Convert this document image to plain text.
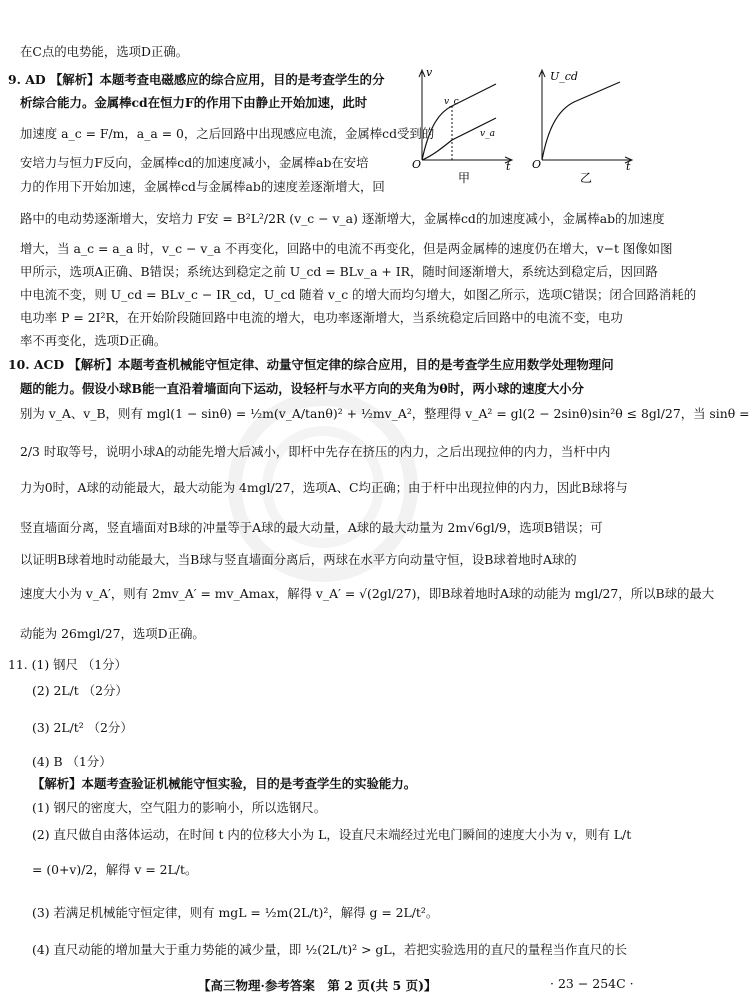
在C点的电势能，选项D正确。
9. AD 【解析】本题考查电磁感应的综合应用，目的是考查学生的分
析综合能力。金属棒cd在恒力F的作用下由静止开始加速，此时
加速度 a_c = F/m，a_a = 0，之后回路中出现感应电流，金属棒cd受到的
安培力与恒力F反向，金属棒cd的加速度减小，金属棒ab在安培
力的作用下开始加速，金属棒cd与金属棒ab的速度差逐渐增大，回
路中的电动势逐渐增大，安培力 F安 = B²L²/2R (v_c − v_a) 逐渐增大，金属棒cd的加速度减小，金属棒ab的加速度
增大，当 a_c = a_a 时，v_c − v_a 不再变化，回路中的电流不再变化，但是两金属棒的速度仍在增大，v−t 图像如图
甲所示，选项A正确、B错误；系统达到稳定之前 U_cd = BLv_a + IR，随时间逐渐增大，系统达到稳定后，因回路
中电流不变，则 U_cd = BLv_c − IR_cd，U_cd 随着 v_c 的增大而均匀增大，如图乙所示，选项C错误；闭合回路消耗的
电功率 P = 2I²R，在开始阶段随回路中电流的增大，电功率逐渐增大，当系统稳定后回路中的电流不变，电功
率不再变化，选项D正确。
10. ACD 【解析】本题考查机械能守恒定律、动量守恒定律的综合应用，目的是考查学生应用数学处理物理问
题的能力。假设小球B能一直沿着墙面向下运动，设轻杆与水平方向的夹角为θ时，两小球的速度大小分
别为 v_A、v_B，则有 mgl(1 − sinθ) = ½m(v_A/tanθ)² + ½mv_A²，整理得 v_A² = gl(2 − 2sinθ)sin²θ ≤ 8gl/27，当 sinθ =
2/3 时取等号，说明小球A的动能先增大后减小，即杆中先存在挤压的内力，之后出现拉伸的内力，当杆中内
力为0时，A球的动能最大，最大动能为 4mgl/27，选项A、C均正确；由于杆中出现拉伸的内力，因此B球将与
竖直墙面分离，竖直墙面对B球的冲量等于A球的最大动量，A球的最大动量为 2m√6gl/9，选项B错误；可
以证明B球着地时动能最大，当B球与竖直墙面分离后，两球在水平方向动量守恒，设B球着地时A球的
速度大小为 v_A′，则有 2mv_A′ = mv_Amax，解得 v_A′ = √(2gl/27)，即B球着地时A球的动能为 mgl/27，所以B球的最大
动能为 26mgl/27，选项D正确。
11. (1) 钢尺 （1分）
(2) 2L/t （2分）
(3) 2L/t² （2分）
(4) B （1分）
【解析】本题考查验证机械能守恒实验，目的是考查学生的实验能力。
(1) 钢尺的密度大，空气阻力的影响小，所以选钢尺。
(2) 直尺做自由落体运动，在时间 t 内的位移大小为 L，设直尺末端经过光电门瞬间的速度大小为 v，则有 L/t
= (0+v)/2，解得 v = 2L/t。
(3) 若满足机械能守恒定律，则有 mgL = ½m(2L/t)²，解得 g = 2L/t²。
(4) 直尺动能的增加量大于重力势能的减少量，即 ½(2L/t)² > gL，若把实验选用的直尺的量程当作直尺的长
v
O	t
v_c
v_a
甲
U_cd
O	t
乙
【高三物理·参考答案　第 2 页(共 5 页)】	· 23 − 254C ·
